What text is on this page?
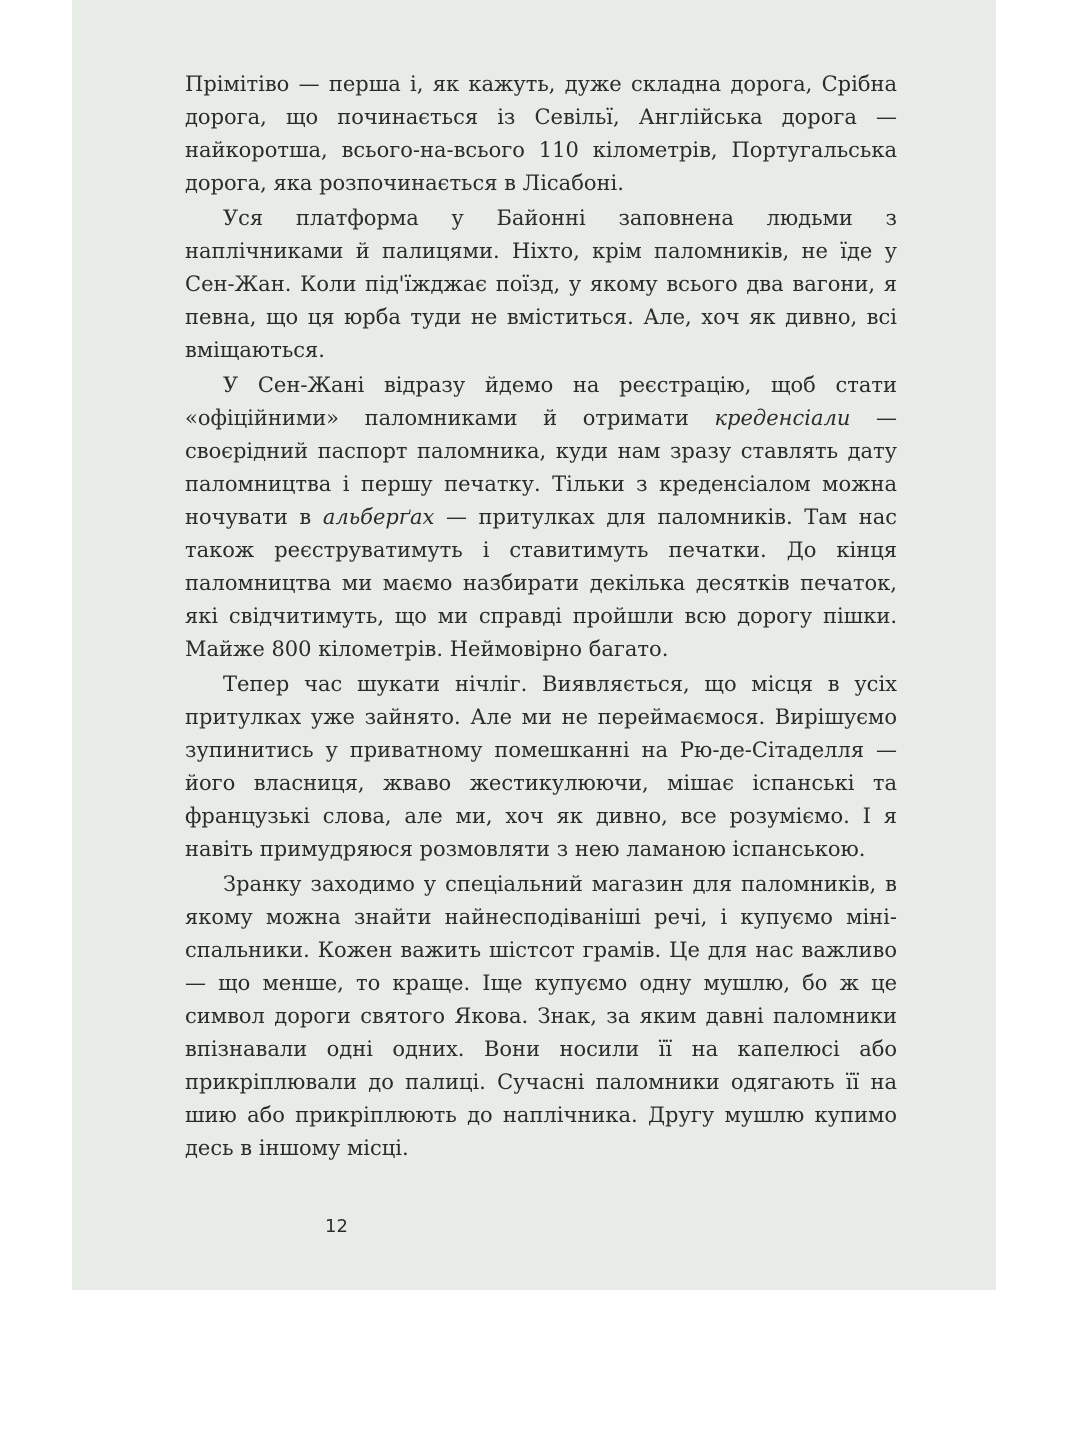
Прімітіво — перша і, як кажуть, дуже складна дорога, Срібна дорога, що починається із Севільї, Англійська дорога — найкоротша, всього-на-всього 110 кілометрів, Португальська дорога, яка розпочинається в Лісабоні.

Уся платформа у Байонні заповнена людьми з наплічниками й палицями. Ніхто, крім паломників, не їде у Сен-Жан. Коли під'їжджає поїзд, у якому всього два вагони, я певна, що ця юрба туди не вміститься. Але, хоч як дивно, всі вміщаються.

У Сен-Жані відразу йдемо на реєстрацію, щоб стати «офіційними» паломниками й отримати креденсіали — своєрідний паспорт паломника, куди нам зразу ставлять дату паломництва і першу печатку. Тільки з креденсіалом можна ночувати в альберґах — притулках для паломників. Там нас також реєструватимуть і ставитимуть печатки. До кінця паломництва ми маємо назбирати декілька десятків печаток, які свідчитимуть, що ми справді пройшли всю дорогу пішки. Майже 800 кілометрів. Неймовірно багато.

Тепер час шукати нічліг. Виявляється, що місця в усіх притулках уже зайнято. Але ми не переймаємося. Вирішуємо зупинитись у приватному помешканні на Рю-де-Сітаделля — його власниця, жваво жестикулюючи, мішає іспанські та французькі слова, але ми, хоч як дивно, все розуміємо. І я навіть примудряюся розмовляти з нею ламаною іспанською.

Зранку заходимо у спеціальний магазин для паломників, в якому можна знайти найнесподіваніші речі, і купуємо міні-спальники. Кожен важить шістсот грамів. Це для нас важливо — що менше, то краще. Іще купуємо одну мушлю, бо ж це символ дороги святого Якова. Знак, за яким давні паломники впізнавали одні одних. Вони носили її на капелюсі або прикріплювали до палиці. Сучасні паломники одягають її на шию або прикріплюють до наплічника. Другу мушлю купимо десь в іншому місці.

12
